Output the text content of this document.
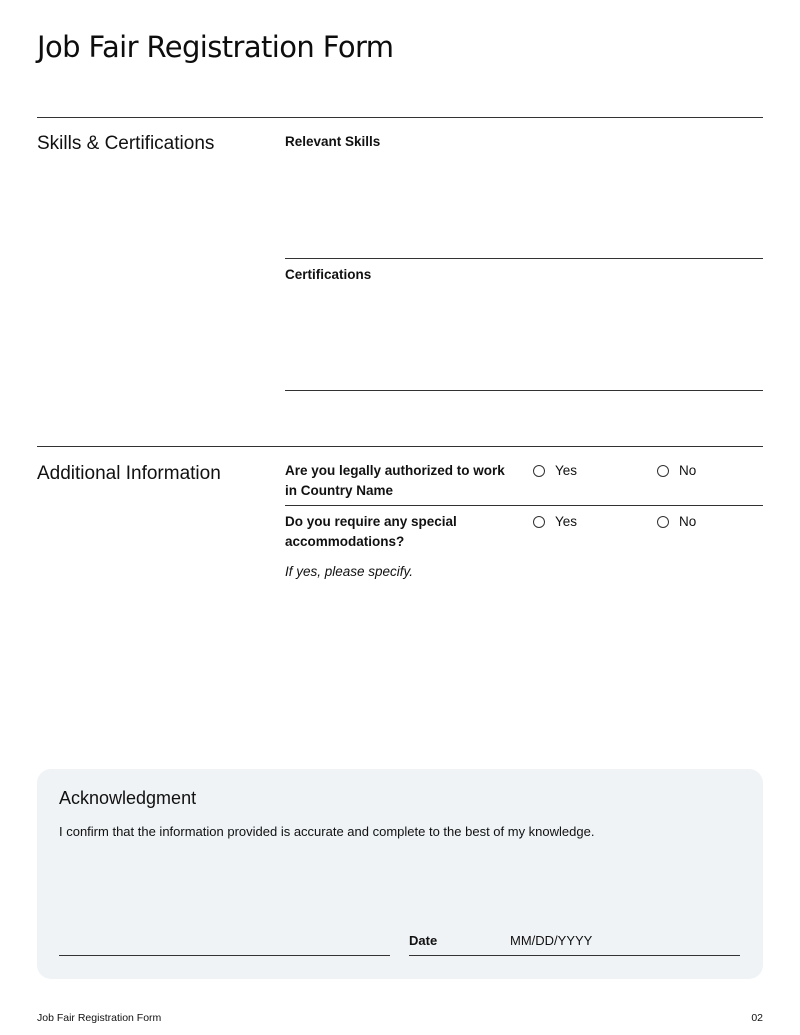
Job Fair Registration Form
Skills & Certifications	Relevant Skills
Certifications
Additional Information	Are you legally authorized to work
in Country Name
Yes	No
Do you require any special
accommodations?
Yes	No
If yes, please specify.
Acknowledgment
I confirm that the information provided is accurate and complete to the best of my knowledge.
Date	MM/DD/YYYY
Job Fair Registration Form	02
